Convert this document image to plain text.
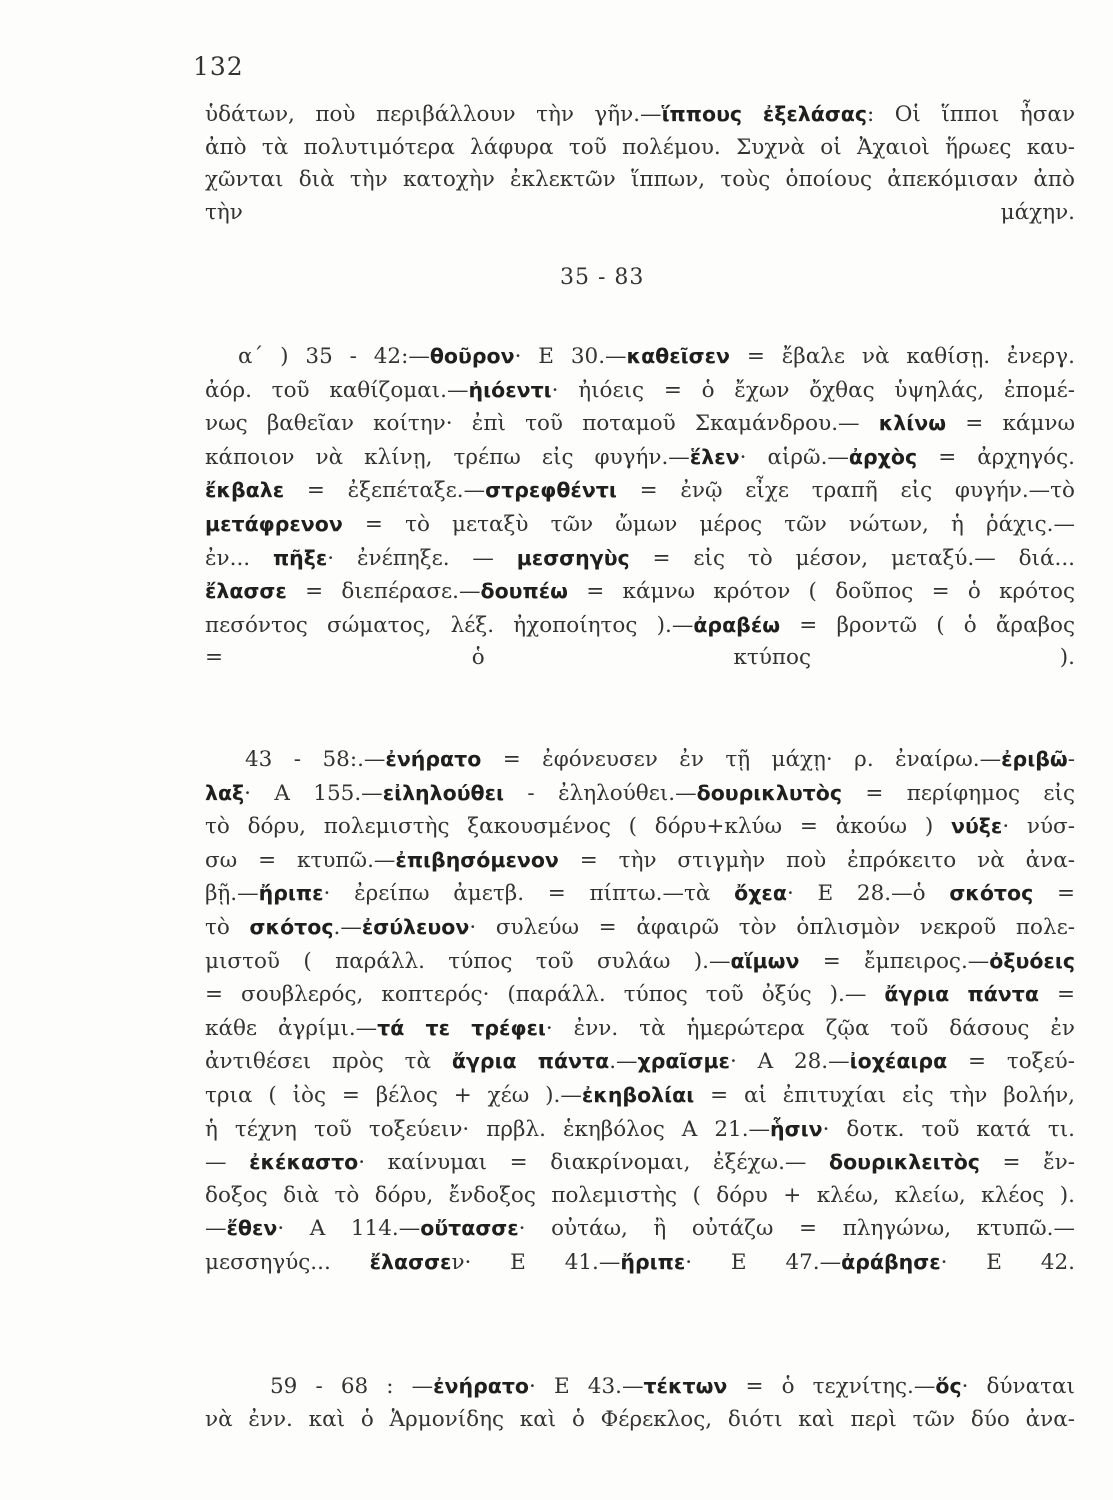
132
ὑδάτων, ποὺ περιβάλλουν τὴν γῆν.—ἵππους ἐξελάσας: Οἱ ἵπποι ἦσαν
ἀπὸ τὰ πολυτιμότερα λάφυρα τοῦ πολέμου. Συχνὰ οἱ Ἀχαιοὶ ἥρωες καυ-
χῶνται διὰ τὴν κατοχὴν ἐκλεκτῶν ἵππων, τοὺς ὁποίους ἀπεκόμισαν ἀπὸ
τὴν μάχην.
35 - 83
α΄ ) 35 - 42:—θοῦρον· Ε 30.—καθεῖσεν = ἔβαλε νὰ καθίσῃ. ἐνεργ.
ἀόρ. τοῦ καθίζομαι.—ἠιόεντι· ἠιόεις = ὁ ἔχων ὄχθας ὑψηλάς, ἐπομέ-
νως βαθεῖαν κοίτην· ἐπὶ τοῦ ποταμοῦ Σκαμάνδρου.— κλίνω = κάμνω
κάποιον νὰ κλίνῃ, τρέπω εἰς φυγήν.—ἕλεν· αἱρῶ.—ἀρχὸς = ἀρχηγός.
ἔκβαλε = ἐξεπέταξε.—στρεφθέντι = ἐνῷ εἶχε τραπῆ εἰς φυγήν.—τὸ
μετάφρενον = τὸ μεταξὺ τῶν ὤμων μέρος τῶν νώτων, ἡ ῥάχις.—
ἐν... πῆξε· ἐνέπηξε. — μεσσηγὺς = εἰς τὸ μέσον, μεταξύ.— διά...
ἔλασσε = διεπέρασε.—δουπέω = κάμνω κρότον ( δοῦπος = ὁ κρότος
πεσόντος σώματος, λέξ. ἠχοποίητος ).—ἀραβέω = βροντῶ ( ὁ ἄραβος
= ὁ κτύπος ).
43 - 58:.—ἐνήρατο = ἐφόνευσεν ἐν τῇ μάχῃ· ρ. ἐναίρω.—ἐριβῶ-
λαξ· Α 155.—εἰληλούθει - ἐληλούθει.—δουρικλυτὸς = περίφημος εἰς
τὸ δόρυ, πολεμιστὴς ξακουσμένος ( δόρυ+κλύω = ἀκούω ) νύξε· νύσ-
σω = κτυπῶ.—ἐπιβησόμενον = τὴν στιγμὴν ποὺ ἐπρόκειτο νὰ ἀνα-
βῇ.—ἤριπε· ἐρείπω ἀμετβ. = πίπτω.—τὰ ὄχεα· Ε 28.—ὁ σκότος =
τὸ σκότος.—ἐσύλευον· συλεύω = ἀφαιρῶ τὸν ὁπλισμὸν νεκροῦ πολε-
μιστοῦ ( παράλλ. τύπος τοῦ συλάω ).—αἵμων = ἔμπειρος.—ὀξυόεις
= σουβλερός, κοπτερός· (παράλλ. τύπος τοῦ ὀξύς ).— ἄγρια πάντα =
κάθε ἀγρίμι.—τά τε τρέφει· ἐνν. τὰ ἡμερώτερα ζῷα τοῦ δάσους ἐν
ἀντιθέσει πρὸς τὰ ἄγρια πάντα.—χραῖσμε· Α 28.—ἰοχέαιρα = τοξεύ-
τρια ( ἰὸς = βέλος + χέω ).—ἐκηβολίαι = αἱ ἐπιτυχίαι εἰς τὴν βολήν,
ἡ τέχνη τοῦ τοξεύειν· πρβλ. ἑκηβόλος Α 21.—ἧσιν· δοτκ. τοῦ κατά τι.
— ἐκέκαστο· καίνυμαι = διακρίνομαι, ἐξέχω.— δουρικλειτὸς = ἔν-
δοξος διὰ τὸ δόρυ, ἔνδοξος πολεμιστὴς ( δόρυ + κλέω, κλείω, κλέος ).
—ἔθεν· Α 114.—οὔτασσε· οὐτάω, ἢ οὐτάζω = πληγώνω, κτυπῶ.—
μεσσηγύς... ἔλασσεν· Ε 41.—ἤριπε· Ε 47.—ἀράβησε· Ε 42.
59 - 68 : —ἐνήρατο· Ε 43.—τέκτων = ὁ τεχνίτης.—ὅς· δύναται
νὰ ἐνν. καὶ ὁ Ἁρμονίδης καὶ ὁ Φέρεκλος, διότι καὶ περὶ τῶν δύο ἀνα-
